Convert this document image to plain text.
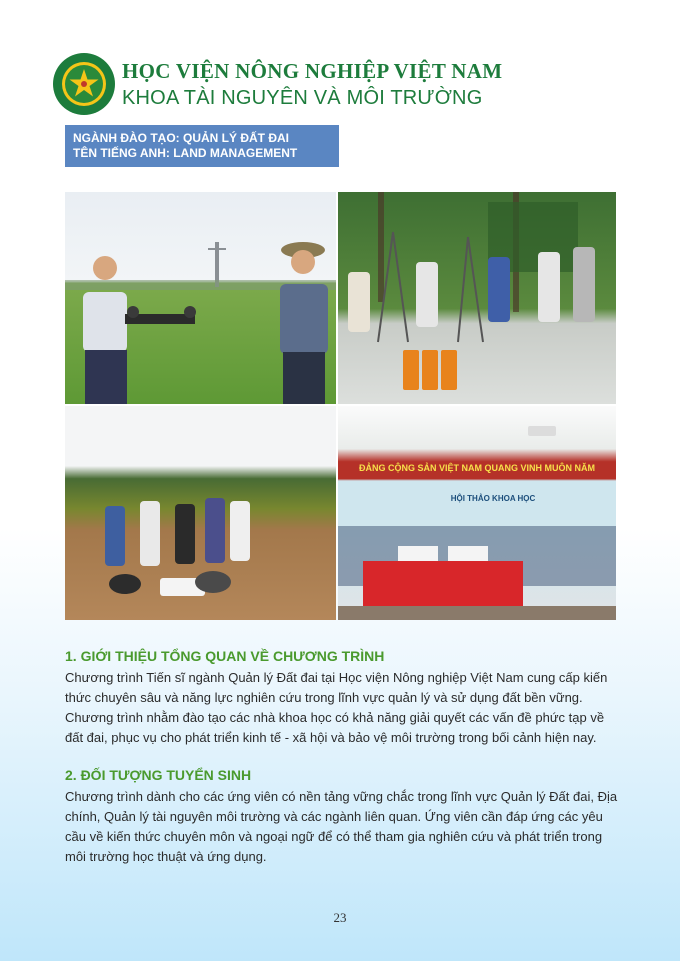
HỌC VIỆN NÔNG NGHIỆP VIỆT NAM
KHOA TÀI NGUYÊN VÀ MÔI TRƯỜNG
NGÀNH ĐÀO TẠO: QUẢN LÝ ĐẤT ĐAI
TÊN TIẾNG ANH: LAND MANAGEMENT
ĐẢNG CỘNG SẢN VIỆT NAM QUANG VINH MUÔN NĂM
HỘI THẢO KHOA HỌC
1. GIỚI THIỆU TỔNG QUAN VỀ CHƯƠNG TRÌNH
Chương trình Tiến sĩ ngành Quản lý Đất đai tại Học viện Nông nghiệp Việt Nam cung cấp kiến thức chuyên sâu và năng lực nghiên cứu trong lĩnh vực quản lý và sử dụng đất bền vững. Chương trình nhằm đào tạo các nhà khoa học có khả năng giải quyết các vấn đề phức tạp về đất đai, phục vụ cho phát triển kinh tế - xã hội và bảo vệ môi trường trong bối cảnh hiện nay.
2. ĐỐI TƯỢNG TUYỂN SINH
Chương trình dành cho các ứng viên có nền tảng vững chắc trong lĩnh vực Quản lý Đất đai, Địa chính, Quản lý tài nguyên môi trường và các ngành liên quan. Ứng viên cần đáp ứng các yêu cầu về kiến thức chuyên môn và ngoại ngữ để có thể tham gia nghiên cứu và phát triển trong môi trường học thuật và ứng dụng.
23
